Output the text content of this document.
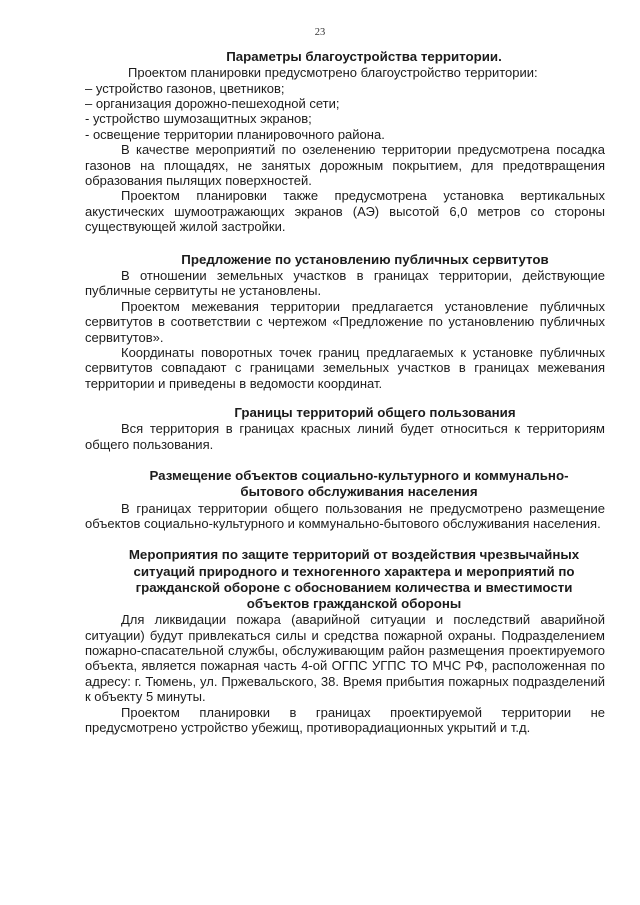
23

Параметры благоустройства территории.

Проектом планировки предусмотрено благоустройство территории:

– устройство газонов, цветников;

– организация дорожно-пешеходной сети;

- устройство шумозащитных экранов;

- освещение территории планировочного района.

В качестве мероприятий по озеленению территории предусмотрена посадка газонов на площадях, не занятых дорожным покрытием, для предотвращения образования пылящих поверхностей.

Проектом планировки также предусмотрена установка вертикальных акустических шумоотражающих экранов (АЭ) высотой 6,0 метров со стороны существующей жилой застройки.

Предложение по установлению публичных сервитутов

В отношении земельных участков в границах территории, действующие публичные сервитуты не установлены.

Проектом межевания территории предлагается установление публичных сервитутов в соответствии с чертежом «Предложение по установлению публичных сервитутов».

Координаты поворотных точек границ предлагаемых к установке публичных сервитутов совпадают с границами земельных участков в границах межевания территории и приведены в ведомости координат.

Границы территорий общего пользования

Вся территория в границах красных линий будет относиться к территориям общего пользования.

Размещение объектов социально-культурного и коммунально-бытового обслуживания населения

В границах территории общего пользования не предусмотрено размещение объектов социально-культурного и коммунально-бытового обслуживания населения.

Мероприятия по защите территорий от воздействия чрезвычайных ситуаций природного и техногенного характера и мероприятий по гражданской обороне с обоснованием количества и вместимости объектов гражданской обороны

Для ликвидации пожара (аварийной ситуации и последствий аварийной ситуации) будут привлекаться силы и средства пожарной охраны. Подразделением пожарно-спасательной службы, обслуживающим район размещения проектируемого объекта, является пожарная часть 4-ой ОГПС УГПС ТО МЧС РФ, расположенная по адресу: г. Тюмень, ул. Пржевальского, 38. Время прибытия пожарных подразделений к объекту 5 минуты.

Проектом планировки в границах проектируемой территории не предусмотрено устройство убежищ, противорадиационных укрытий и т.д.
